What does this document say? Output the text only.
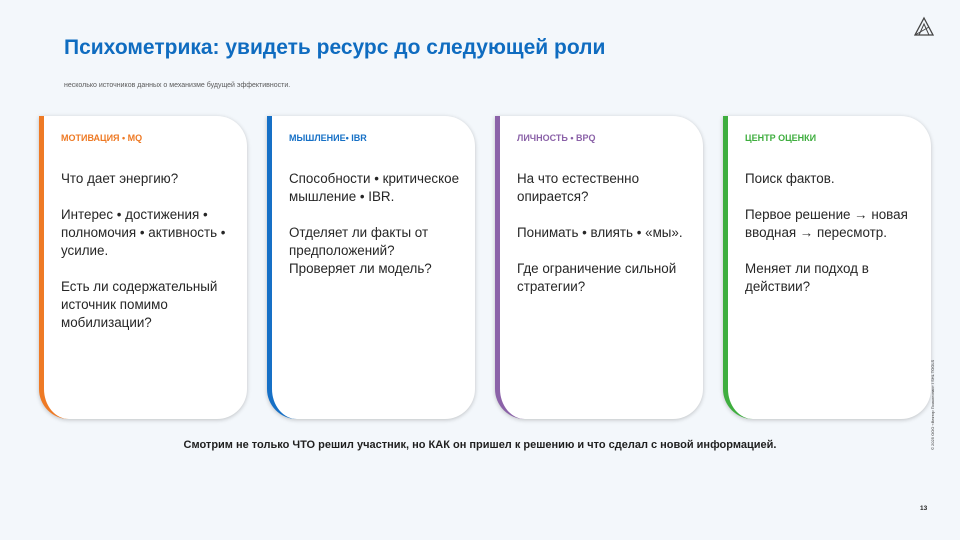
Психометрика: увидеть ресурс до следующей роли
несколько источников данных о механизме будущей эффективности.
МОТИВАЦИЯ • MQ

Что дает энергию?

Интерес • достижения • полномочия • активность • усилие.

Есть ли содержательный источник помимо мобилизации?

МЫШЛЕНИЕ• IBR

Способности • критическое мышление • IBR.

Отделяет ли факты от предположений? Проверяет ли модель?

ЛИЧНОСТЬ • BPQ

На что естественно опирается?

Понимать • влиять • «мы».

Где ограничение сильной стратегии?

ЦЕНТР ОЦЕНКИ

Поиск фактов.

Первое решение → новая вводная → пересмотр.

Меняет ли подход в действии?

Смотрим не только ЧТО решил участник, но КАК он пришел к решению и что сделал с новой информацией.	© 2025 ООО «Вектор Психологии» / SHL TOOLS
13
